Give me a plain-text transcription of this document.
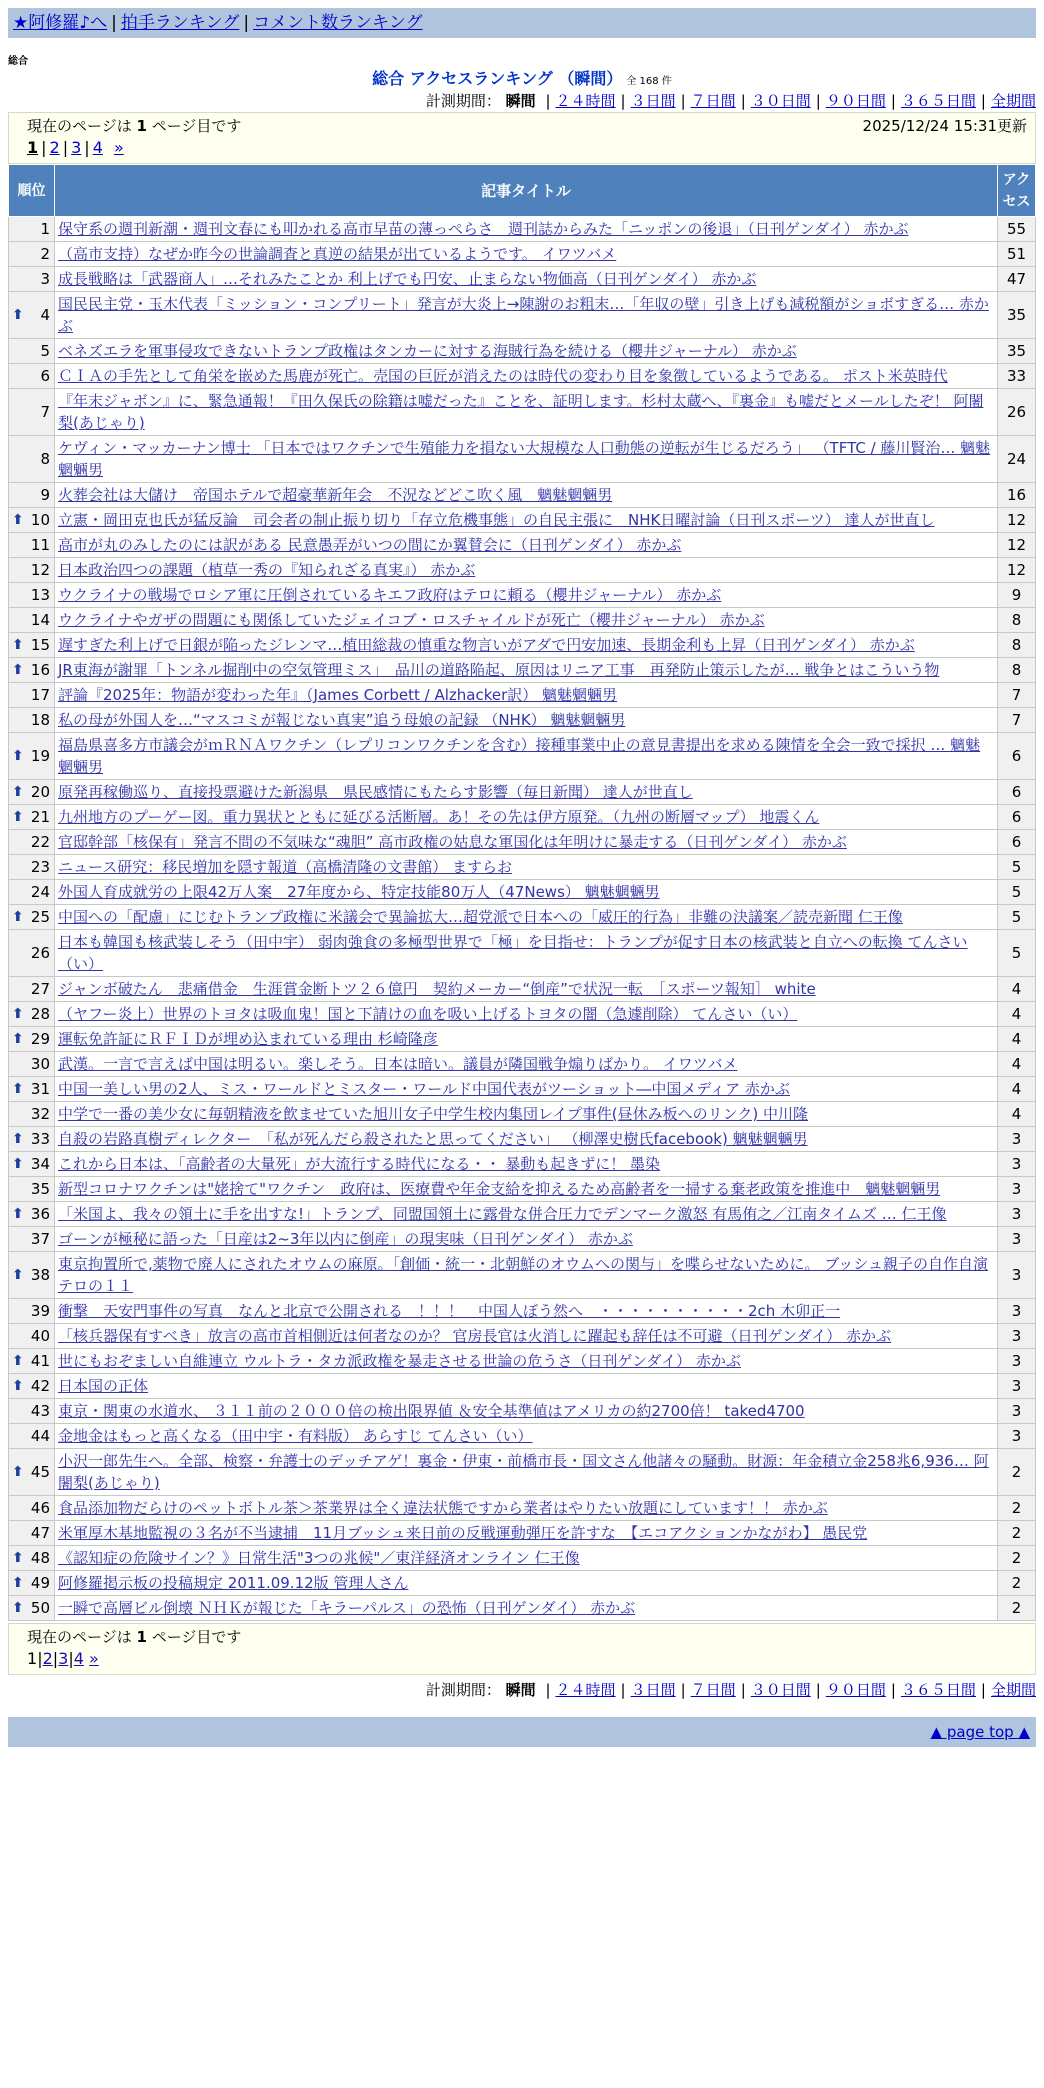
★阿修羅♪へ | 拍手ランキング | コメント数ランキング
総合
総合 アクセスランキング （瞬間） 全 168 件
計測期間： 瞬間 | ２４時間 | ３日間 | ７日間 | ３０日間 | ９０日間 | ３６５日間 | 全期間
現在のページは 1 ページ目です	2025/12/24 15:31更新
1 | 2 | 3 | 4 »
順位	記事タイトル	アクセス
1	保守系の週刊新潮・週刊文春にも叩かれる高市早苗の薄っぺらさ　週刊誌からみた「ニッポンの後退」（日刊ゲンダイ） 赤かぶ	55
2	（高市支持）なぜか昨今の世論調査と真逆の結果が出ているようです。 イワツバメ	51
3	成長戦略は「武器商人」…それみたことか 利上げでも円安、止まらない物価高（日刊ゲンダイ） 赤かぶ	47

⬆ 4	国民民主党・玉木代表「ミッション・コンプリート」発言が大炎上→陳謝のお粗末…「年収の壁」引き上げも減税額がショボすぎる… 赤かぶ	35
5	ベネズエラを軍事侵攻できないトランプ政権はタンカーに対する海賊行為を続ける（櫻井ジャーナル） 赤かぶ	35
6	ＣＩＡの手先として角栄を嵌めた馬鹿が死亡。売国の巨匠が消えたのは時代の変わり目を象徴しているようである。 ポスト米英時代	33
7	『年末ジャボン』に、緊急通報！『田久保氏の除籍は嘘だった』ことを、証明します。杉村太蔵へ、『裏金』も嘘だとメールしたぞ！ 阿闍梨(あじゃり)	26
8	ケヴィン・マッカーナン博士 「日本ではワクチンで生殖能力を損ない大規模な人口動態の逆転が生じるだろう」 （TFTC / 藤川賢治… 魑魅魍魎男	24
9	火葬会社は大儲け　帝国ホテルで超豪華新年会　不況などどこ吹く風　魑魅魍魎男	16

⬆ 10	立憲・岡田克也氏が猛反論　司会者の制止振り切り「存立危機事態」の自民主張に　NHK日曜討論（日刊スポーツ） 達人が世直し	12
11	高市が丸のみしたのには訳がある 民意愚弄がいつの間にか翼賛会に（日刊ゲンダイ） 赤かぶ	12
12	日本政治四つの課題（植草一秀の『知られざる真実』） 赤かぶ	12
13	ウクライナの戦場でロシア軍に圧倒されているキエフ政府はテロに頼る（櫻井ジャーナル） 赤かぶ	9
14	ウクライナやガザの問題にも関係していたジェイコブ・ロスチャイルドが死亡（櫻井ジャーナル） 赤かぶ	8

⬆ 15	遅すぎた利上げで日銀が陥ったジレンマ…植田総裁の慎重な物言いがアダで円安加速、長期金利も上昇（日刊ゲンダイ） 赤かぶ	8

⬆ 16	JR東海が謝罪「トンネル掘削中の空気管理ミス」　品川の道路陥起、原因はリニア工事　再発防止策示したが… 戦争とはこういう物	8
17	評論『2025年：物語が変わった年』（James Corbett / Alzhacker訳） 魑魅魍魎男	7
18	私の母が外国人を…“マスコミが報じない真実”追う母娘の記録 （NHK） 魑魅魍魎男	7

⬆ 19	福島県喜多方市議会がｍＲＮＡワクチン（レプリコンワクチンを含む）接種事業中止の意見書提出を求める陳情を全会一致で採択 … 魑魅魍魎男	6

⬆ 20	原発再稼働巡り、直接投票避けた新潟県　県民感情にもたらす影響（毎日新聞） 達人が世直し	6

⬆ 21	九州地方のプーゲー図。重力異状とともに延びる活断層。あ！その先は伊方原発。（九州の断層マップ） 地震くん	6
22	官邸幹部「核保有」発言不問の不気味な“魂胆” 高市政権の姑息な軍国化は年明けに暴走する（日刊ゲンダイ） 赤かぶ	6
23	ニュース研究：移民増加を隠す報道（高橋清隆の文書館） ますらお	5
24	外国人育成就労の上限42万人案　27年度から、特定技能80万人（47News） 魑魅魍魎男	5

⬆ 25	中国への「配慮」にじむトランプ政権に米議会で異論拡大…超党派で日本への「威圧的行為」非難の決議案／読売新聞 仁王像	5
26	日本も韓国も核武装しそう（田中宇） 弱肉強食の多極型世界で「極」を目指せ：トランプが促す日本の核武装と自立への転換 てんさい（い）	5
27	ジャンボ破たん　悲痛借金　生涯賞金断トツ２６億円　契約メーカー“倒産”で状況一転　［スポーツ報知］ white	4

⬆ 28	（ヤフー炎上）世界のトヨタは吸血鬼！国と下請けの血を吸い上げるトヨタの闇（急遽削除） てんさい（い）	4

⬆ 29	運転免許証にＲＦＩＤが埋め込まれている理由 杉崎隆彦	4
30	武漢。一言で言えば中国は明るい。楽しそう。日本は暗い。議員が隣国戦争煽りばかり。 イワツバメ	4

⬆ 31	中国一美しい男の2人、ミス・ワールドとミスター・ワールド中国代表がツーショット―中国メディア 赤かぶ	4
32	中学で一番の美少女に毎朝精液を飲ませていた旭川女子中学生校内集団レイプ事件(昼休み板へのリンク) 中川隆	4

⬆ 33	自殺の岩路真樹ディレクター　「私が死んだら殺されたと思ってください」 （柳澤史樹氏facebook) 魑魅魍魎男	3

⬆ 34	これから日本は、「高齢者の大量死」が大流行する時代になる・・ 暴動も起きずに！ 墨染	3
35	新型コロナワクチンは"姥捨て"ワクチン　政府は、医療費や年金支給を抑えるため高齢者を一掃する棄老政策を推進中　魑魅魍魎男	3

⬆ 36	「米国よ、我々の領土に手を出すな!」トランプ、同盟国領土に露骨な併合圧力でデンマーク激怒 有馬侑之／江南タイムズ … 仁王像	3
37	ゴーンが極秘に語った「日産は2~3年以内に倒産」の現実味（日刊ゲンダイ） 赤かぶ	3

⬆ 38	東京拘置所で,薬物で廃人にされたオウムの麻原。「創価・統一・北朝鮮のオウムへの関与」を喋らせないために。 ブッシュ親子の自作自演テロの１１	3
39	衝撃　天安門事件の写真　なんと北京で公開される　！！！　中国人ぼう然へ　・・・・・・・・・・2ch 木卯正一	3
40	「核兵器保有すべき」放言の高市首相側近は何者なのか？ 官房長官は火消しに躍起も辞任は不可避（日刊ゲンダイ） 赤かぶ	3

⬆ 41	世にもおぞましい自維連立 ウルトラ・タカ派政権を暴走させる世論の危うさ（日刊ゲンダイ） 赤かぶ	3

⬆ 42	日本国の正体	3
43	東京・関東の水道水、 ３１１前の２０００倍の検出限界値 ＆安全基準値はアメリカの約2700倍！ taked4700	3
44	金地金はもっと高くなる（田中宇・有料版） あらすじ てんさい（い）	3

⬆ 45	小沢一郎先生へ。全部、検察・弁護士のデッチアゲ！裏金・伊東・前橋市長・国文さん他諸々の騒動。財源：年金積立金258兆6,936… 阿闍梨(あじゃり)	2
46	食品添加物だらけのペットボトル茶＞茶業界は全く違法状態ですから業者はやりたい放題にしています！！ 赤かぶ	2
47	米軍厚木基地監視の３名が不当逮捕　11月ブッシュ来日前の反戦運動弾圧を許すな　【エコアクションかながわ】 愚民党	2

⬆ 48	《認知症の危険サイン？》日常生活"3つの兆候"／東洋経済オンライン 仁王像	2

⬆ 49	阿修羅掲示板の投稿規定 2011.09.12版 管理人さん	2

⬆ 50	一瞬で高層ビル倒壊 ＮＨＫが報じた「キラーパルス」の恐怖（日刊ゲンダイ） 赤かぶ	2
現在のページは 1 ページ目です
1|2|3|4 »
計測期間： 瞬間 | ２４時間 | ３日間 | ７日間 | ３０日間 | ９０日間 | ３６５日間 | 全期間
▲ page top ▲
